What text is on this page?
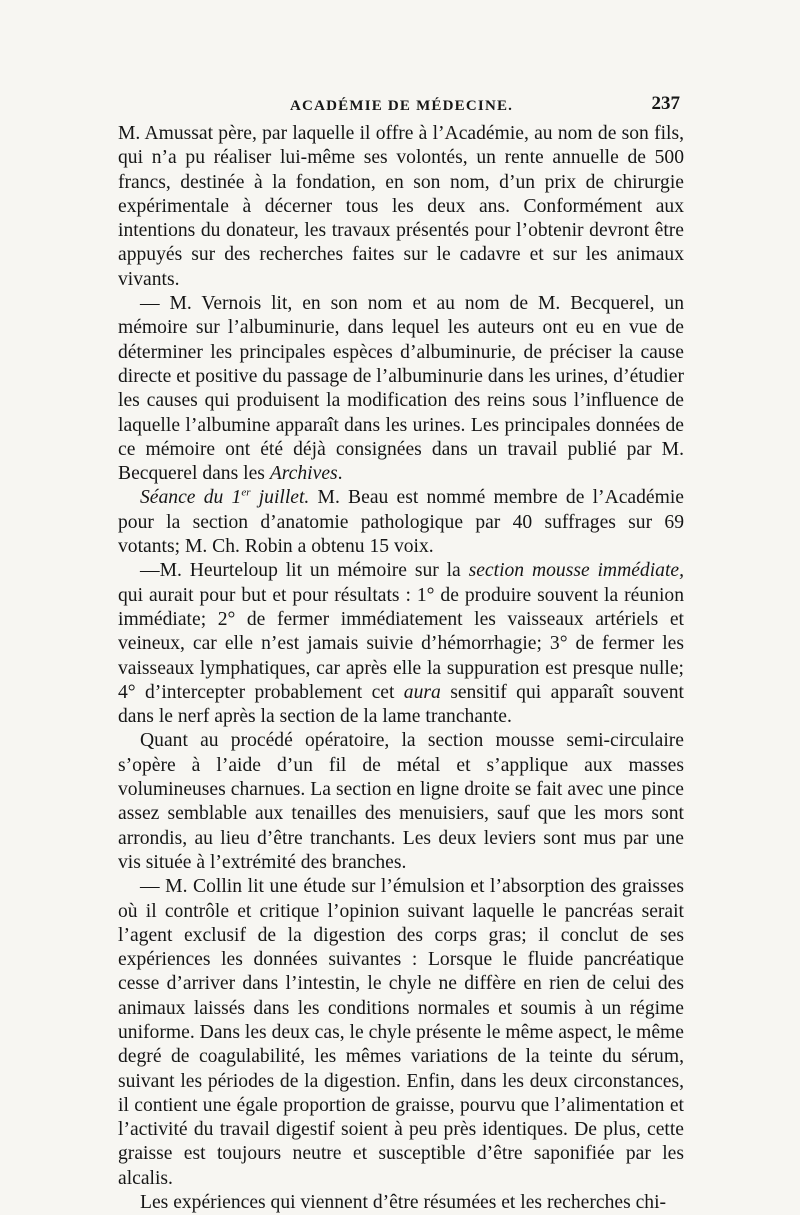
ACADÉMIE DE MÉDECINE.	237

M. Amussat père, par laquelle il offre à l’Académie, au nom de son fils, qui n’a pu réaliser lui-même ses volontés, un rente annuelle de 500 francs, destinée à la fondation, en son nom, d’un prix de chirurgie expérimentale à décerner tous les deux ans. Conformément aux intentions du donateur, les travaux présentés pour l’obtenir devront être appuyés sur des recherches faites sur le cadavre et sur les animaux vivants.

— M. Vernois lit, en son nom et au nom de M. Becquerel, un mémoire sur l’albuminurie, dans lequel les auteurs ont eu en vue de déterminer les principales espèces d’albuminurie, de préciser la cause directe et positive du passage de l’albuminurie dans les urines, d’étudier les causes qui produisent la modification des reins sous l’influence de laquelle l’albumine apparaît dans les urines. Les principales données de ce mémoire ont été déjà consignées dans un travail publié par M. Becquerel dans les Archives.

Séance du 1er juillet. M. Beau est nommé membre de l’Académie pour la section d’anatomie pathologique par 40 suffrages sur 69 votants; M. Ch. Robin a obtenu 15 voix.

—M. Heurteloup lit un mémoire sur la section mousse immédiate, qui aurait pour but et pour résultats : 1° de produire souvent la réunion immédiate; 2° de fermer immédiatement les vaisseaux artériels et veineux, car elle n’est jamais suivie d’hémorrhagie; 3° de fermer les vaisseaux lymphatiques, car après elle la suppuration est presque nulle; 4° d’intercepter probablement cet aura sensitif qui apparaît souvent dans le nerf après la section de la lame tranchante.

Quant au procédé opératoire, la section mousse semi-circulaire s’opère à l’aide d’un fil de métal et s’applique aux masses volumineuses charnues. La section en ligne droite se fait avec une pince assez semblable aux tenailles des menuisiers, sauf que les mors sont arrondis, au lieu d’être tranchants. Les deux leviers sont mus par une vis située à l’extrémité des branches.

— M. Collin lit une étude sur l’émulsion et l’absorption des graisses où il contrôle et critique l’opinion suivant laquelle le pancréas serait l’agent exclusif de la digestion des corps gras; il conclut de ses expériences les données suivantes : Lorsque le fluide pancréatique cesse d’arriver dans l’intestin, le chyle ne diffère en rien de celui des animaux laissés dans les conditions normales et soumis à un régime uniforme. Dans les deux cas, le chyle présente le même aspect, le même degré de coagulabilité, les mêmes variations de la teinte du sérum, suivant les périodes de la digestion. Enfin, dans les deux circonstances, il contient une égale proportion de graisse, pourvu que l’alimentation et l’activité du travail digestif soient à peu près identiques. De plus, cette graisse est toujours neutre et susceptible d’être saponifiée par les alcalis.

Les expériences qui viennent d’être résumées et les recherches chi-
